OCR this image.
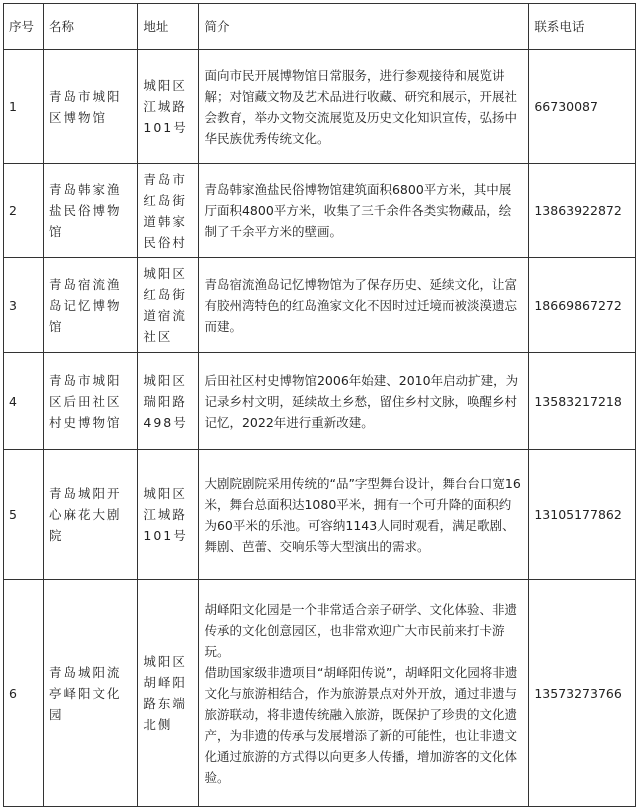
序号	名称	地址	简介	联系电话
1	青岛市城阳区博物馆	城阳区江城路101号	面向市民开展博物馆日常服务，进行参观接待和展览讲解；对馆藏文物及艺术品进行收藏、研究和展示，开展社会教育，举办文物交流展览及历史文化知识宣传，弘扬中华民族优秀传统文化。	66730087
2	青岛韩家渔盐民俗博物馆	青岛市红岛街道韩家民俗村	青岛韩家渔盐民俗博物馆建筑面积6800平方米，其中展厅面积4800平方米，收集了三千余件各类实物藏品，绘制了千余平方米的壁画。	13863922872
3	青岛宿流渔岛记忆博物馆	城阳区红岛街道宿流社区	青岛宿流渔岛记忆博物馆为了保存历史、延续文化，让富有胶州湾特色的红岛渔家文化不因时过迁境而被淡漠遗忘而建。	18669867272
4	青岛市城阳区后田社区村史博物馆	城阳区瑞阳路498号	后田社区村史博物馆2006年始建、2010年启动扩建，为记录乡村文明，延续故土乡愁，留住乡村文脉，唤醒乡村记忆，2022年进行重新改建。	13583217218
5	青岛城阳开心麻花大剧院	城阳区江城路101号	大剧院剧院采用传统的“品”字型舞台设计，舞台台口宽16米，舞台总面积达1080平米，拥有一个可升降的面积约为60平米的乐池。可容纳1143人同时观看，满足歌剧、舞剧、芭蕾、交响乐等大型演出的需求。	13105177862
6	青岛城阳流亭峄阳文化园	城阳区胡峄阳路东端北侧	胡峄阳文化园是一个非常适合亲子研学、文化体验、非遗传承的文化创意园区，也非常欢迎广大市民前来打卡游玩。
借助国家级非遗项目“胡峄阳传说”，胡峄阳文化园将非遗文化与旅游相结合，作为旅游景点对外开放，通过非遗与旅游联动，将非遗传统融入旅游，既保护了珍贵的文化遗产，为非遗的传承与发展增添了新的可能性，也让非遗文化通过旅游的方式得以向更多人传播，增加游客的文化体验。	13573273766
